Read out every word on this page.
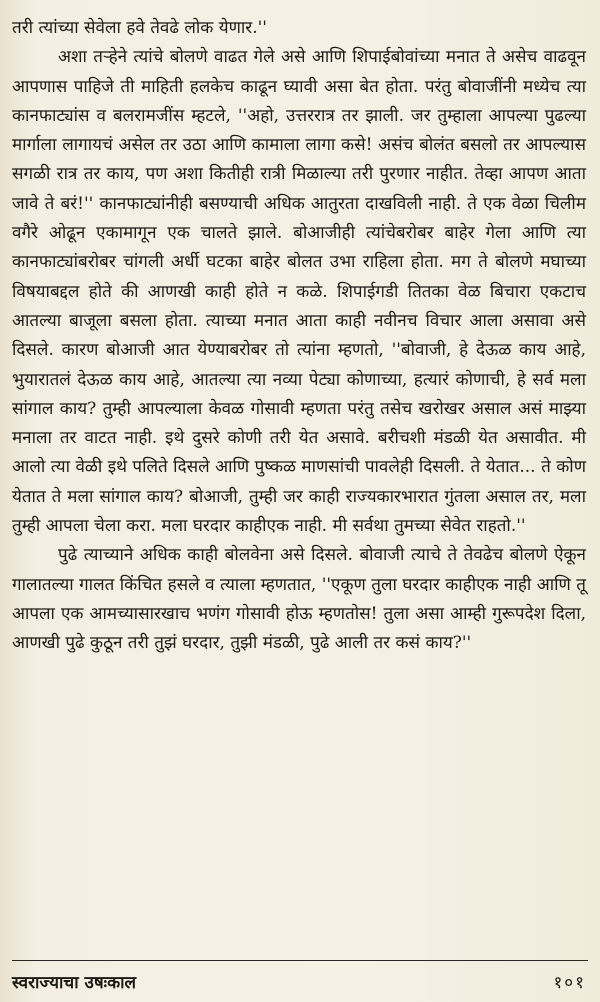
तरी त्यांच्या सेवेला हवे तेवढे लोक येणार.''

अशा तऱ्हेने त्यांचे बोलणे वाढत गेले असे आणि शिपाईबोवांच्या मनात ते असेच वाढवून आपणास पाहिजे ती माहिती हलकेच काढून घ्यावी असा बेत होता. परंतु बोवाजींनी मध्येच त्या कानफाट्यांस व बलरामजींस म्हटले, ''अहो, उत्तररात्र तर झाली. जर तुम्हाला आपल्या पुढल्या मार्गाला लागायचं असेल तर उठा आणि कामाला लागा कसे! असंच बोलंत बसलो तर आपल्यास सगळी रात्र तर काय, पण अशा कितीही रात्री मिळाल्या तरी पुरणार नाहीत. तेव्हा आपण आता जावे ते बरं!'' कानफाट्यांनीही बसण्याची अधिक आतुरता दाखविली नाही. ते एक वेळा चिलीम वगैरे ओढून एकामागून एक चालते झाले. बोआजीही त्यांचेबरोबर बाहेर गेला आणि त्या कानफाट्यांबरोबर चांगली अर्धी घटका बाहेर बोलत उभा राहिला होता. मग ते बोलणे मघाच्या विषयाबद्दल होते की आणखी काही होते न कळे. शिपाईगडी तितका वेळ बिचारा एकटाच आतल्या बाजूला बसला होता. त्याच्या मनात आता काही नवीनच विचार आला असावा असे दिसले. कारण बोआजी आत येण्याबरोबर तो त्यांना म्हणतो, ''बोवाजी, हे देऊळ काय आहे, भुयारातलं देऊळ काय आहे, आतल्या त्या नव्या पेट्या कोणाच्या, हत्यारं कोणाची, हे सर्व मला सांगाल काय? तुम्ही आपल्याला केवळ गोसावी म्हणता परंतु तसेच खरोखर असाल असं माझ्या मनाला तर वाटत नाही. इथे दुसरे कोणी तरी येत असावे. बरीचशी मंडळी येत असावीत. मी आलो त्या वेळी इथे पलिते दिसले आणि पुष्कळ माणसांची पावलेही दिसली. ते येतात... ते कोण येतात ते मला सांगाल काय? बोआजी, तुम्ही जर काही राज्यकारभारात गुंतला असाल तर, मला तुम्ही आपला चेला करा. मला घरदार काहीएक नाही. मी सर्वथा तुमच्या सेवेत राहतो.''

पुढे त्याच्याने अधिक काही बोलवेना असे दिसले. बोवाजी त्याचे ते तेवढेच बोलणे ऐकून गालातल्या गालत किंचित हसले व त्याला म्हणतात, ''एकूण तुला घरदार काहीएक नाही आणि तू आपला एक आमच्यासारखाच भणंग गोसावी होऊ म्हणतोस! तुला असा आम्ही गुरूपदेश दिला, आणखी पुढे कुठून तरी तुझं घरदार, तुझी मंडळी, पुढे आली तर कसं काय?''

स्वराज्याचा उषःकाल	१०१
